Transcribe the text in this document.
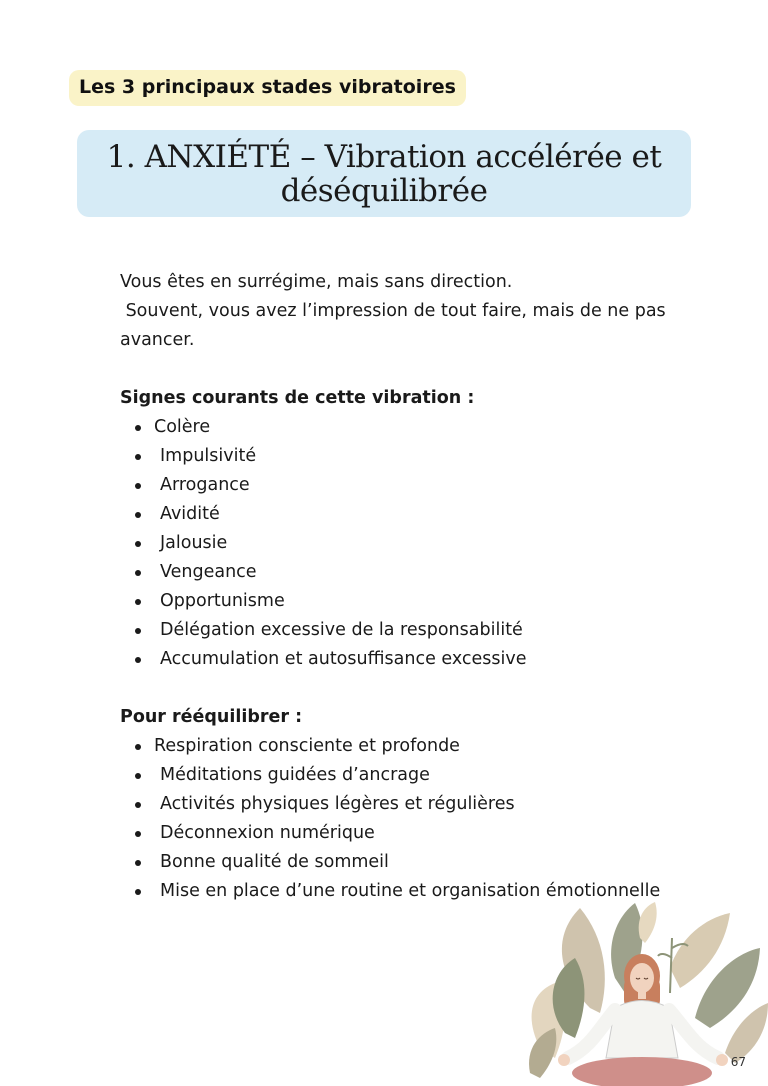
Les 3 principaux stades vibratoires
1. ANXIÉTÉ – Vibration accélérée et
déséquilibrée

Vous êtes en surrégime, mais sans direction.

Souvent, vous avez l’impression de tout faire, mais de ne pas

avancer.

Signes courants de cette vibration :

Colère
Impulsivité
Arrogance
Avidité
Jalousie
Vengeance
Opportunisme
Délégation excessive de la responsabilité
Accumulation et autosuffisance excessive

Pour rééquilibrer :

Respiration consciente et profonde
Méditations guidées d’ancrage
Activités physiques légères et régulières
Déconnexion numérique
Bonne qualité de sommeil
Mise en place d’une routine et organisation émotionnelle
67
